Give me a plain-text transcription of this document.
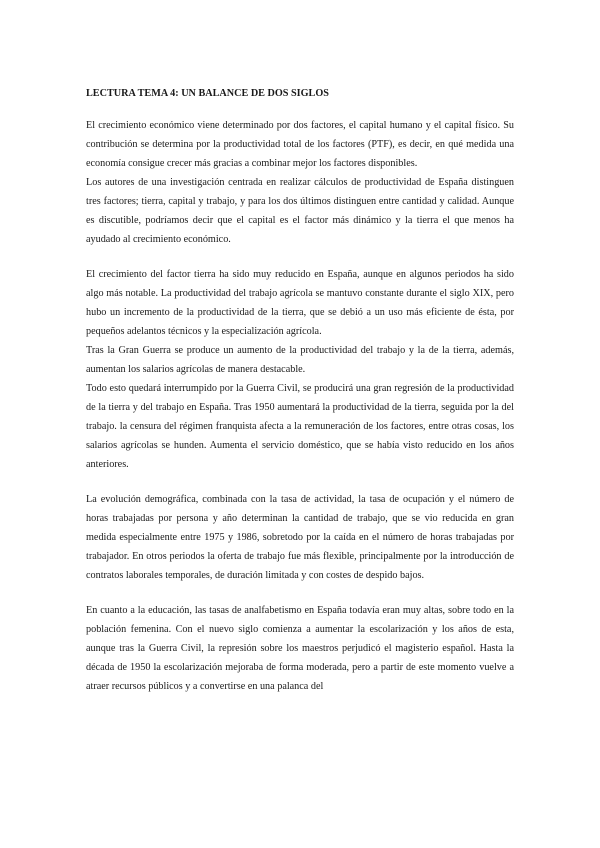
LECTURA TEMA 4: UN BALANCE DE DOS SIGLOS

El crecimiento económico viene determinado por dos factores, el capital humano y el capital físico. Su contribución se determina por la productividad total de los factores (PTF), es decir, en qué medida una economía consigue crecer más gracias a combinar mejor los factores disponibles.

Los autores de una investigación centrada en realizar cálculos de productividad de España distinguen tres factores; tierra, capital y trabajo, y para los dos últimos distinguen entre cantidad y calidad. Aunque es discutible, podríamos decir que el capital es el factor más dinámico y la tierra el que menos ha ayudado al crecimiento económico.

El crecimiento del factor tierra ha sido muy reducido en España, aunque en algunos periodos ha sido algo más notable. La productividad del trabajo agrícola se mantuvo constante durante el siglo XIX, pero hubo un incremento de la productividad de la tierra, que se debió a un uso más eficiente de ésta, por pequeños adelantos técnicos y la especialización agrícola.

Tras la Gran Guerra se produce un aumento de la productividad del trabajo y la de la tierra, además, aumentan los salarios agrícolas de manera destacable.

Todo esto quedará interrumpido por la Guerra Civil, se producirá una gran regresión de la productividad de la tierra y del trabajo en España. Tras 1950 aumentará la productividad de la tierra, seguida por la del trabajo. la censura del régimen franquista afecta a la remuneración de los factores, entre otras cosas, los salarios agrícolas se hunden. Aumenta el servicio doméstico, que se había visto reducido en los años anteriores.

La evolución demográfica, combinada con la tasa de actividad, la tasa de ocupación y el número de horas trabajadas por persona y año determinan la cantidad de trabajo, que se vio reducida en gran medida especialmente entre 1975 y 1986, sobretodo por la caída en el número de horas trabajadas por trabajador. En otros periodos la oferta de trabajo fue más flexible, principalmente por la introducción de contratos laborales temporales, de duración limitada y con costes de despido bajos.

En cuanto a la educación, las tasas de analfabetismo en España todavía eran muy altas, sobre todo en la población femenina. Con el nuevo siglo comienza a aumentar la escolarización y los años de esta, aunque tras la Guerra Civil, la represión sobre los maestros perjudicó el magisterio español. Hasta la década de 1950 la escolarización mejoraba de forma moderada, pero a partir de este momento vuelve a atraer recursos públicos y a convertirse en una palanca del
